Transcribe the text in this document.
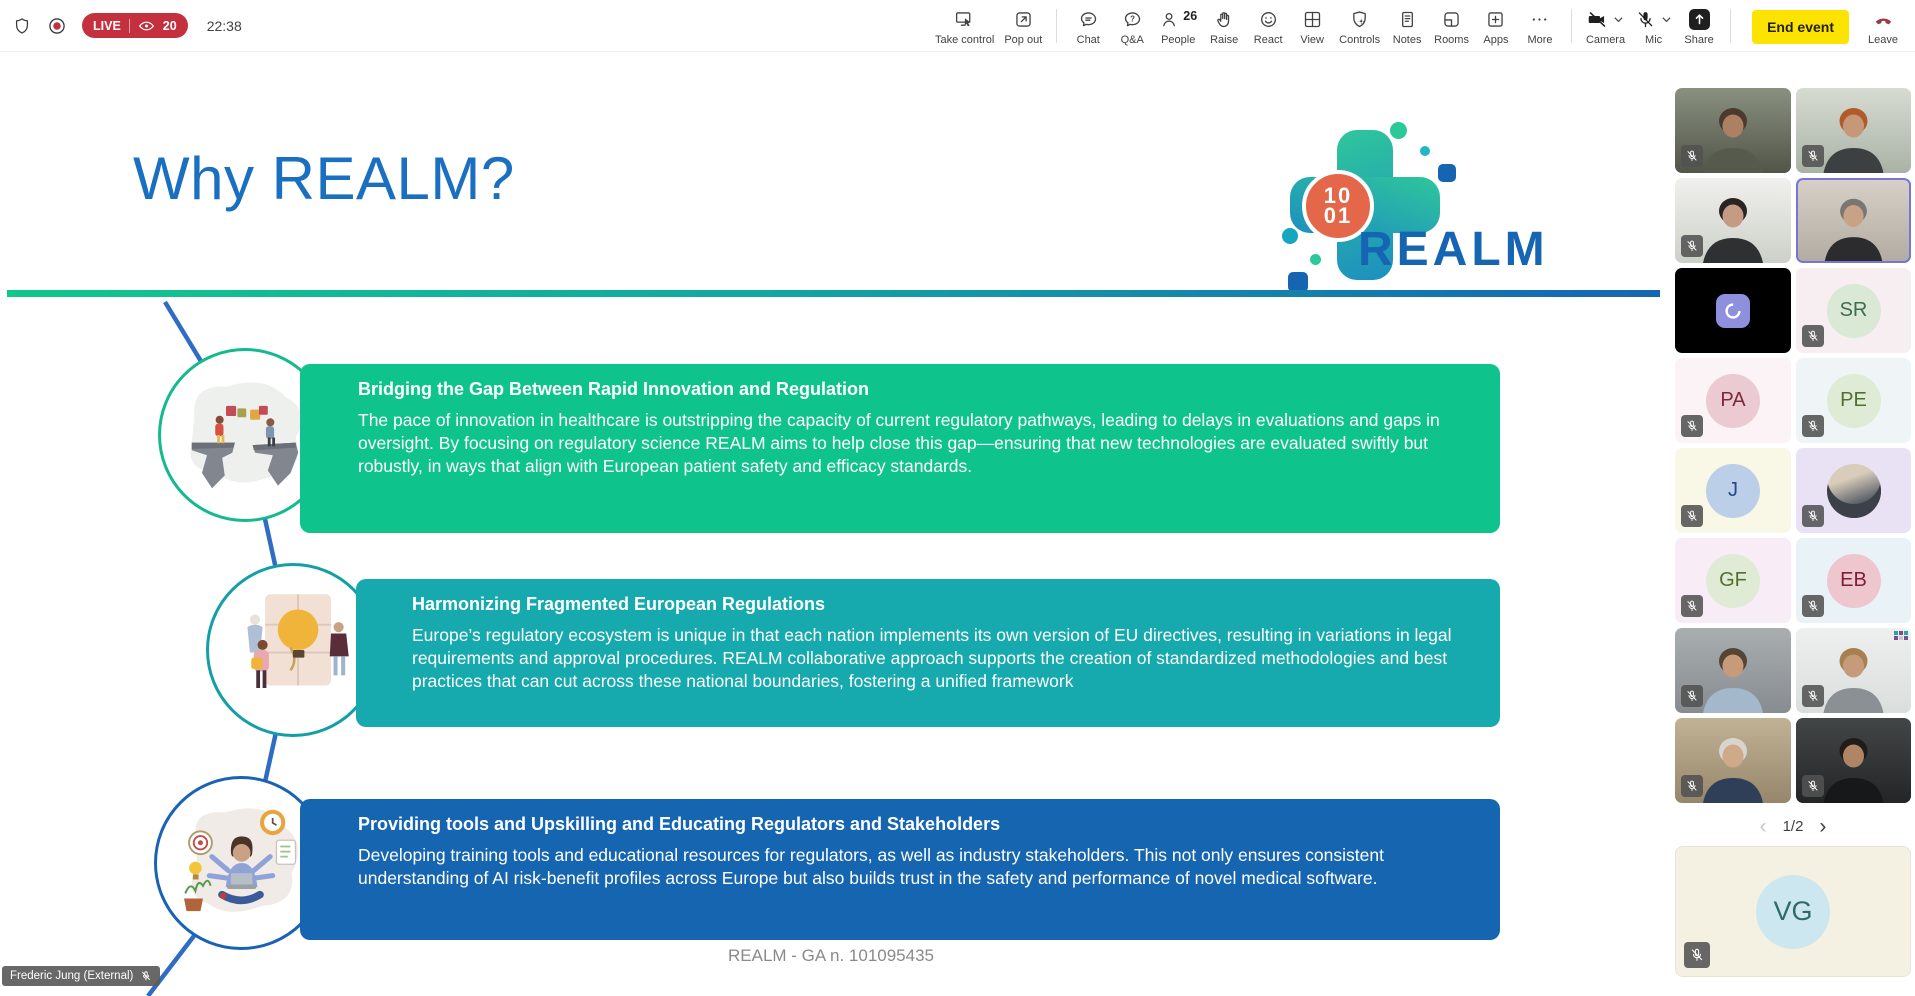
LIVE	20 22:38
Take control Pop out	Chat
?
Q&A
26
People Raise React View Controls Notes Rooms Apps More	Camera Mic Share
End event
Leave
Why REALM?	10
01
REALM
Bridging the Gap Between Rapid Innovation and Regulation

The pace of innovation in healthcare is outstripping the capacity of current regulatory pathways, leading to delays in evaluations and gaps in oversight. By focusing on regulatory science REALM aims to help close this gap—ensuring that new technologies are evaluated swiftly but robustly, in ways that align with European patient safety and efficacy standards.

Harmonizing Fragmented European Regulations

Europe’s regulatory ecosystem is unique in that each nation implements its own version of EU directives, resulting in variations in legal requirements and approval procedures. REALM collaborative approach supports the creation of standardized methodologies and best practices that can cut across these national boundaries, fostering a unified framework

Providing tools and Upskilling and Educating Regulators and Stakeholders

Developing training tools and educational resources for regulators, as well as industry stakeholders. This not only ensures consistent understanding of AI risk-benefit profiles across Europe but also builds trust in the safety and performance of novel medical software.

REALM - GA n. 101095435
Frederic Jung (External)
SR
PA	PE
J
GF	EB
‹ 1/2 ›
VG
